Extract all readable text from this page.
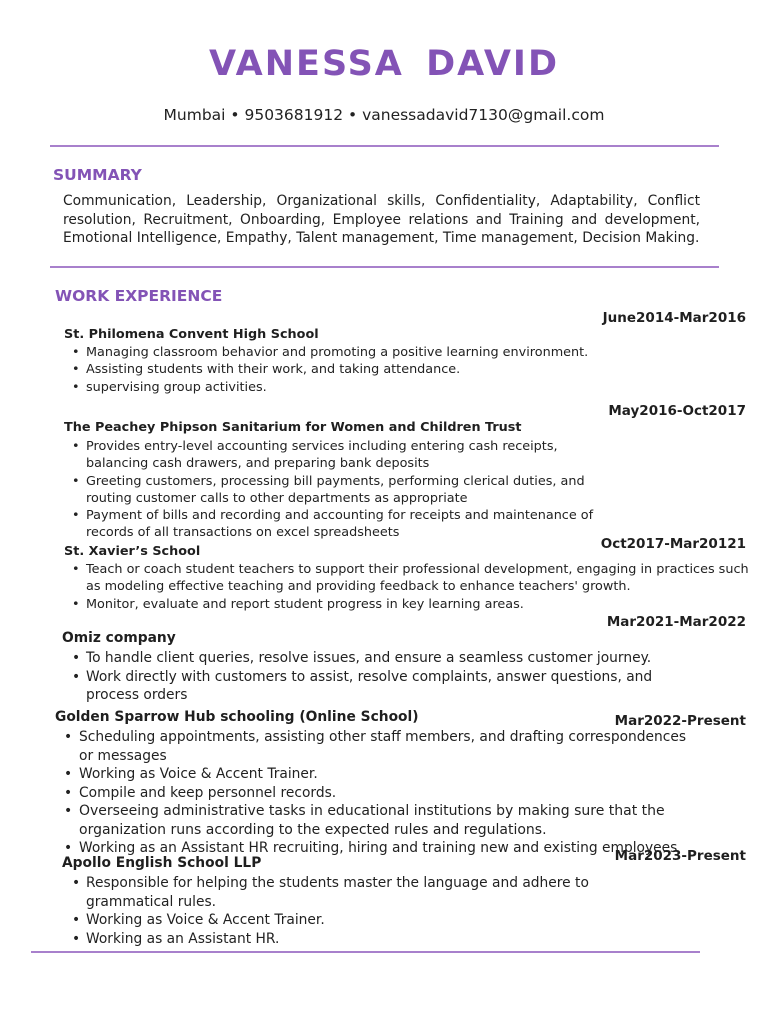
VANESSA DAVID
Mumbai • 9503681912 • vanessadavid7130@gmail.com
SUMMARY
Communication, Leadership, Organizational skills, Confidentiality, Adaptability, Conflict resolution, Recruitment, Onboarding, Employee relations and Training and development, Emotional Intelligence, Empathy, Talent management, Time management, Decision Making.
WORK EXPERIENCE
June2014-Mar2016
St. Philomena Convent High School
• Managing classroom behavior and promoting a positive learning environment.
• Assisting students with their work, and taking attendance.
• supervising group activities.
May2016-Oct2017
The Peachey Phipson Sanitarium for Women and Children Trust
• Provides entry-level accounting services including entering cash receipts, balancing cash drawers, and preparing bank deposits
• Greeting customers, processing bill payments, performing clerical duties, and routing customer calls to other departments as appropriate
• Payment of bills and recording and accounting for receipts and maintenance of records of all transactions on excel spreadsheets
St. Xavier’s School	Oct2017-Mar20121
• Teach or coach student teachers to support their professional development, engaging in practices such as modeling effective teaching and providing feedback to enhance teachers' growth.
• Monitor, evaluate and report student progress in key learning areas.
Mar2021-Mar2022
Omiz company
• To handle client queries, resolve issues, and ensure a seamless customer journey.
• Work directly with customers to assist, resolve complaints, answer questions, and process orders
Golden Sparrow Hub schooling (Online School)	Mar2022-Present
• Scheduling appointments, assisting other staff members, and drafting correspondences or messages
• Working as Voice & Accent Trainer.
• Compile and keep personnel records.
• Overseeing administrative tasks in educational institutions by making sure that the organization runs according to the expected rules and regulations.
• Working as an Assistant HR recruiting, hiring and training new and existing employees
Mar2023-Present
Apollo English School LLP
• Responsible for helping the students master the language and adhere to grammatical rules.
• Working as Voice & Accent Trainer.
• Working as an Assistant HR.
